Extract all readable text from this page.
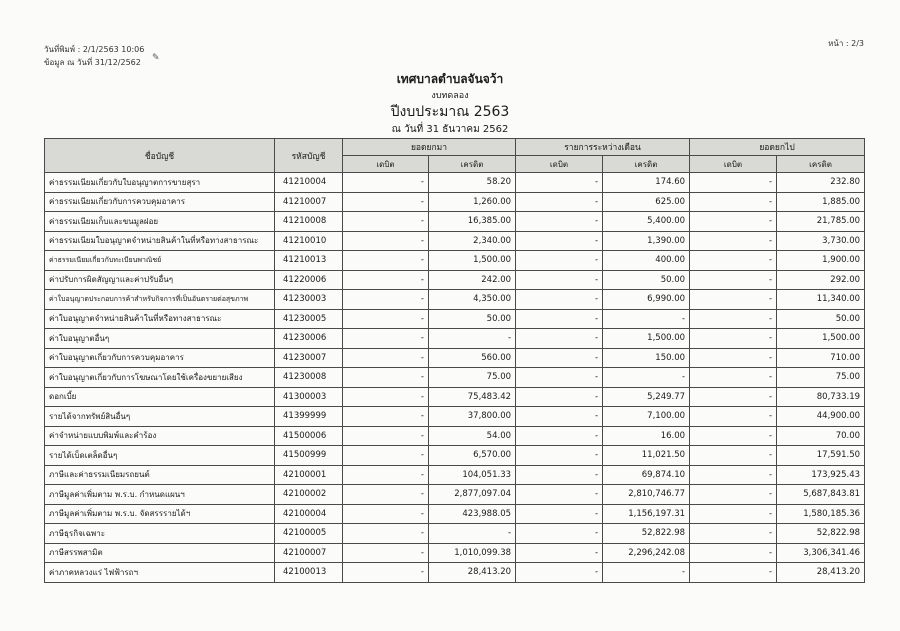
วันที่พิมพ์ : 2/1/2563 10:06
ข้อมูล ณ วันที่ 31/12/2562 ✎
หน้า : 2/3
เทศบาลตำบลจันจว้า
งบทดลอง
ปีงบประมาณ 2563
ณ วันที่ 31 ธันวาคม 2562
ชื่อบัญชี	รหัสบัญชี	ยอดยกมา		รายการระหว่างเดือน		ยอดยกไป	
		เดบิต	เครดิต	เดบิต	เครดิต	เดบิต	เครดิต
ค่าธรรมเนียมเกี่ยวกับใบอนุญาตการขายสุรา	41210004	-	58.20	-	174.60	-	232.80
ค่าธรรมเนียมเกี่ยวกับการควบคุมอาคาร	41210007	-	1,260.00	-	625.00	-	1,885.00
ค่าธรรมเนียมเก็บและขนมูลฝอย	41210008	-	16,385.00	-	5,400.00	-	21,785.00
ค่าธรรมเนียมใบอนุญาตจำหน่ายสินค้าในที่หรือทางสาธารณะ	41210010	-	2,340.00	-	1,390.00	-	3,730.00
ค่าธรรมเนียมเกี่ยวกับทะเบียนพาณิชย์	41210013	-	1,500.00	-	400.00	-	1,900.00
ค่าปรับการผิดสัญญาและค่าปรับอื่นๆ	41220006	-	242.00	-	50.00	-	292.00
ค่าใบอนุญาตประกอบการค้าสำหรับกิจการที่เป็นอันตรายต่อสุขภาพ	41230003	-	4,350.00	-	6,990.00	-	11,340.00
ค่าใบอนุญาตจำหน่ายสินค้าในที่หรือทางสาธารณะ	41230005	-	50.00	-	-	-	50.00
ค่าใบอนุญาตอื่นๆ	41230006	-	-	-	1,500.00	-	1,500.00
ค่าใบอนุญาตเกี่ยวกับการควบคุมอาคาร	41230007	-	560.00	-	150.00	-	710.00
ค่าใบอนุญาตเกี่ยวกับการโฆษณาโดยใช้เครื่องขยายเสียง	41230008	-	75.00	-	-	-	75.00
ดอกเบี้ย	41300003	-	75,483.42	-	5,249.77	-	80,733.19
รายได้จากทรัพย์สินอื่นๆ	41399999	-	37,800.00	-	7,100.00	-	44,900.00
ค่าจำหน่ายแบบพิมพ์และคำร้อง	41500006	-	54.00	-	16.00	-	70.00
รายได้เบ็ดเตล็ดอื่นๆ	41500999	-	6,570.00	-	11,021.50	-	17,591.50
ภาษีและค่าธรรมเนียมรถยนต์	42100001	-	104,051.33	-	69,874.10	-	173,925.43
ภาษีมูลค่าเพิ่มตาม พ.ร.บ. กำหนดแผนฯ	42100002	-	2,877,097.04	-	2,810,746.77	-	5,687,843.81
ภาษีมูลค่าเพิ่มตาม พ.ร.บ. จัดสรรรายได้ฯ	42100004	-	423,988.05	-	1,156,197.31	-	1,580,185.36
ภาษีธุรกิจเฉพาะ	42100005	-	-	-	52,822.98	-	52,822.98
ภาษีสรรพสามิต	42100007	-	1,010,099.38	-	2,296,242.08	-	3,306,341.46
ค่าภาคหลวงแร่ ไฟฟ้ารถฯ	42100013	-	28,413.20	-	-	-	28,413.20
